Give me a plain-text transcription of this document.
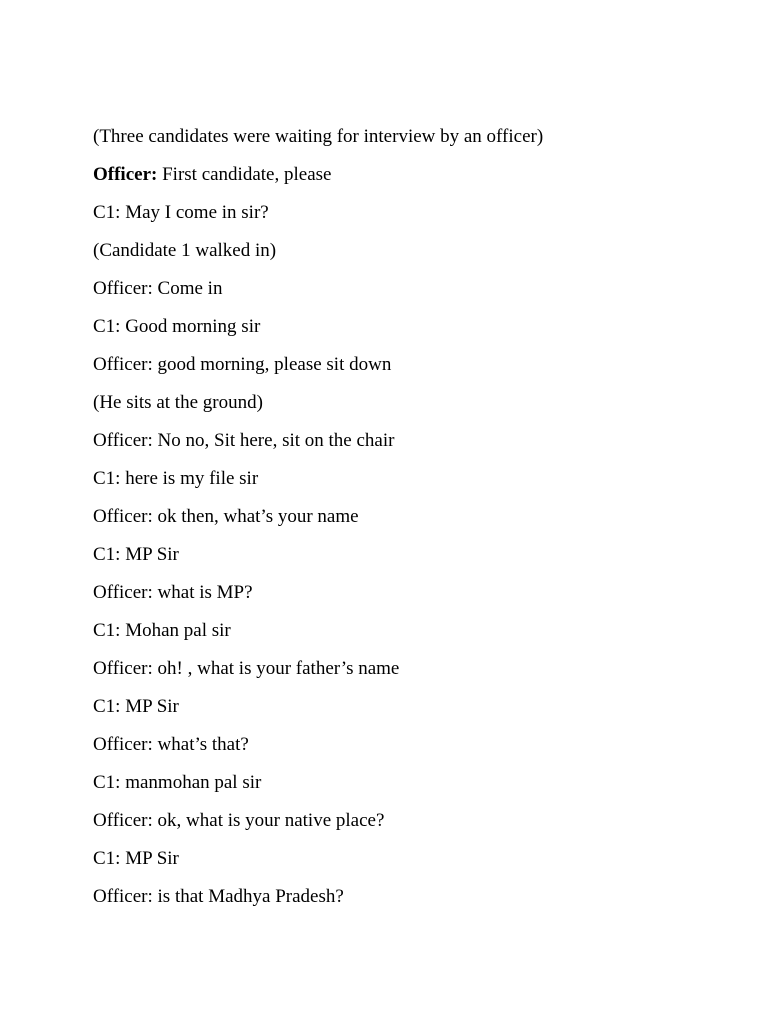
(Three candidates were waiting for interview by an officer)
Officer: First candidate, please
C1: May I come in sir?
(Candidate 1 walked in)
Officer: Come in
C1: Good morning sir
Officer: good morning, please sit down
(He sits at the ground)
Officer: No no, Sit here, sit on the chair
C1: here is my file sir
Officer: ok then, what’s your name
C1: MP Sir
Officer: what is MP?
C1: Mohan pal sir
Officer: oh! , what is your father’s name
C1: MP Sir
Officer: what’s that?
C1: manmohan pal sir
Officer: ok, what is your native place?
C1: MP Sir
Officer: is that Madhya Pradesh?
